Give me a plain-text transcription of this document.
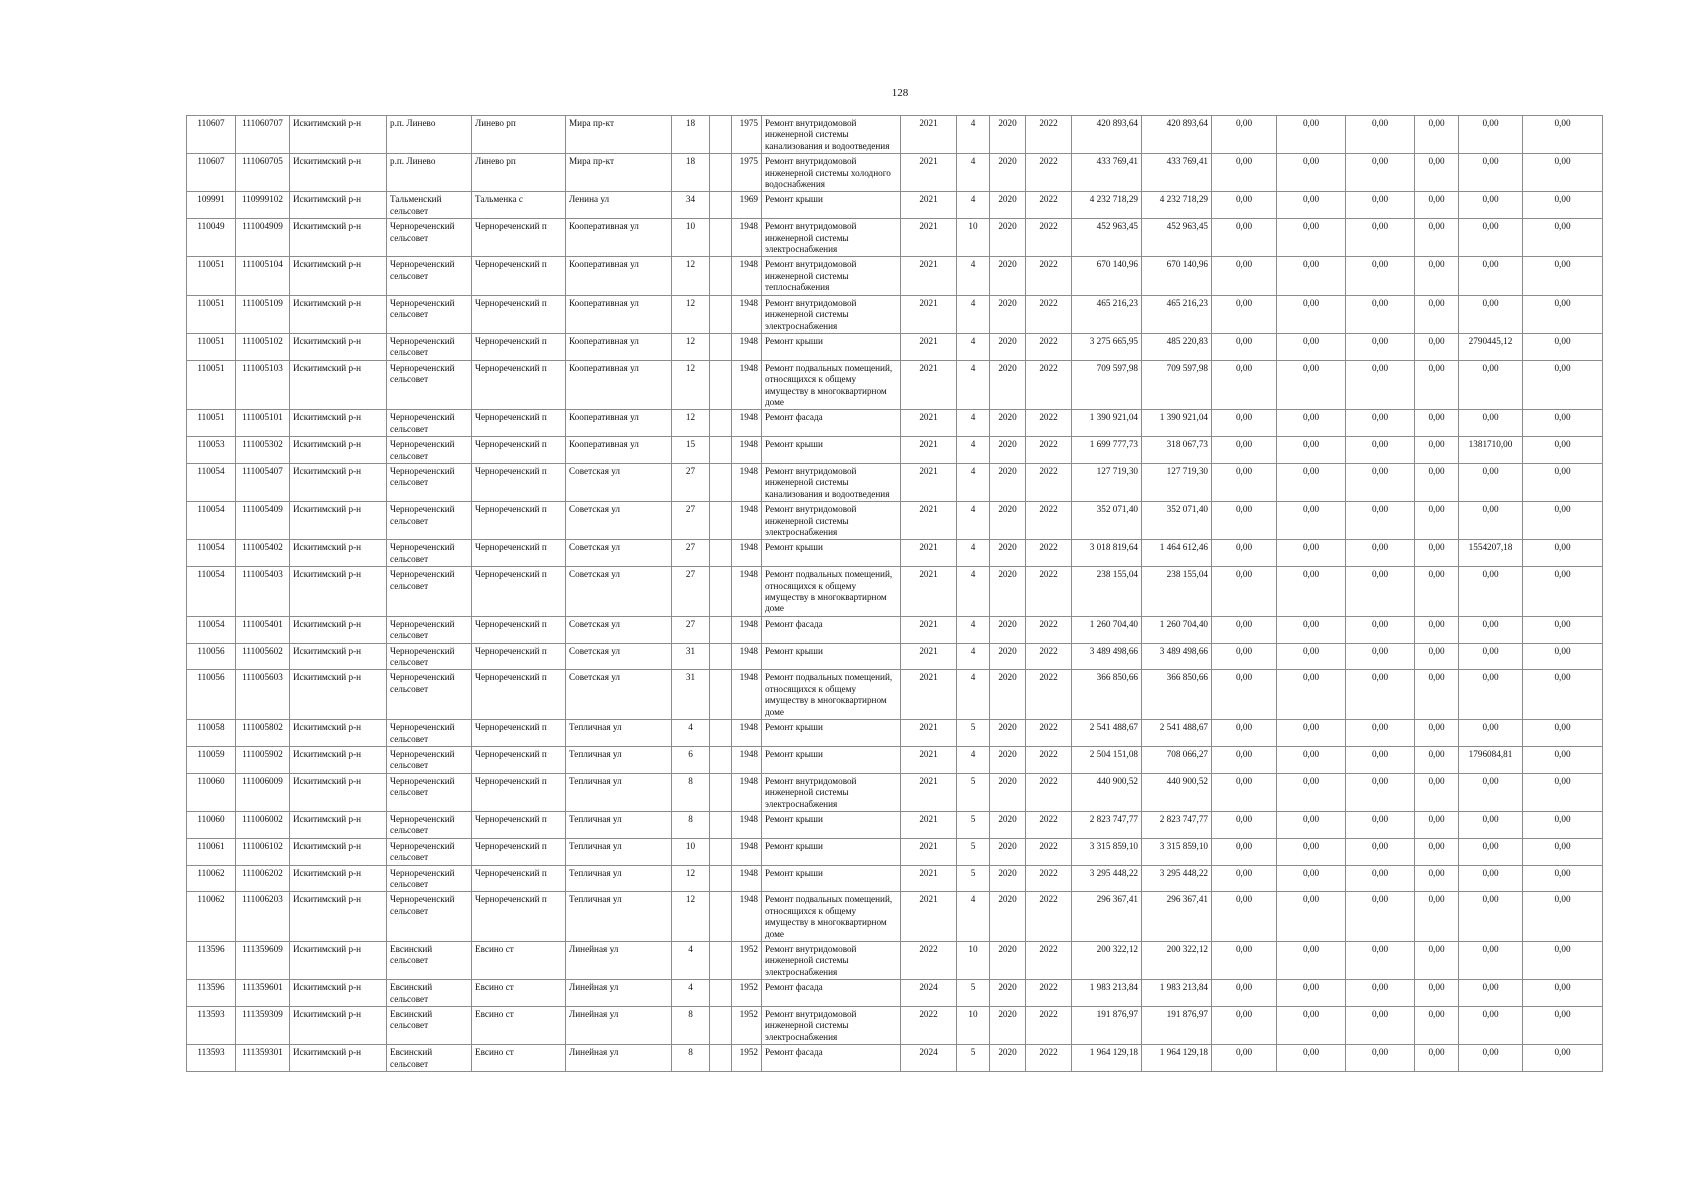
128
110607	111060707	Искитимский р-н	р.п. Линево	Линево рп	Мира пр-кт	18		1975	Ремонт внутридомовой инженерной системы канализования и водоотведения	2021	4	2020	2022	420 893,64	420 893,64	0,00	0,00	0,00	0,00	0,00	0,00
110607	111060705	Искитимский р-н	р.п. Линево	Линево рп	Мира пр-кт	18		1975	Ремонт внутридомовой инженерной системы холодного водоснабжения	2021	4	2020	2022	433 769,41	433 769,41	0,00	0,00	0,00	0,00	0,00	0,00
109991	110999102	Искитимский р-н	Тальменский сельсовет	Тальменка с	Ленина ул	34		1969	Ремонт крыши	2021	4	2020	2022	4 232 718,29	4 232 718,29	0,00	0,00	0,00	0,00	0,00	0,00
110049	111004909	Искитимский р-н	Чернореченский сельсовет	Чернореченский п	Кооперативная ул	10		1948	Ремонт внутридомовой инженерной системы электроснабжения	2021	10	2020	2022	452 963,45	452 963,45	0,00	0,00	0,00	0,00	0,00	0,00
110051	111005104	Искитимский р-н	Чернореченский сельсовет	Чернореченский п	Кооперативная ул	12		1948	Ремонт внутридомовой инженерной системы теплоснабжения	2021	4	2020	2022	670 140,96	670 140,96	0,00	0,00	0,00	0,00	0,00	0,00
110051	111005109	Искитимский р-н	Чернореченский сельсовет	Чернореченский п	Кооперативная ул	12		1948	Ремонт внутридомовой инженерной системы электроснабжения	2021	4	2020	2022	465 216,23	465 216,23	0,00	0,00	0,00	0,00	0,00	0,00
110051	111005102	Искитимский р-н	Чернореченский сельсовет	Чернореченский п	Кооперативная ул	12		1948	Ремонт крыши	2021	4	2020	2022	3 275 665,95	485 220,83	0,00	0,00	0,00	0,00	2790445,12	0,00
110051	111005103	Искитимский р-н	Чернореченский сельсовет	Чернореченский п	Кооперативная ул	12		1948	Ремонт подвальных помещений, относящихся к общему имуществу в многоквартирном доме	2021	4	2020	2022	709 597,98	709 597,98	0,00	0,00	0,00	0,00	0,00	0,00
110051	111005101	Искитимский р-н	Чернореченский сельсовет	Чернореченский п	Кооперативная ул	12		1948	Ремонт фасада	2021	4	2020	2022	1 390 921,04	1 390 921,04	0,00	0,00	0,00	0,00	0,00	0,00
110053	111005302	Искитимский р-н	Чернореченский сельсовет	Чернореченский п	Кооперативная ул	15		1948	Ремонт крыши	2021	4	2020	2022	1 699 777,73	318 067,73	0,00	0,00	0,00	0,00	1381710,00	0,00
110054	111005407	Искитимский р-н	Чернореченский сельсовет	Чернореченский п	Советская ул	27		1948	Ремонт внутридомовой инженерной системы канализования и водоотведения	2021	4	2020	2022	127 719,30	127 719,30	0,00	0,00	0,00	0,00	0,00	0,00
110054	111005409	Искитимский р-н	Чернореченский сельсовет	Чернореченский п	Советская ул	27		1948	Ремонт внутридомовой инженерной системы электроснабжения	2021	4	2020	2022	352 071,40	352 071,40	0,00	0,00	0,00	0,00	0,00	0,00
110054	111005402	Искитимский р-н	Чернореченский сельсовет	Чернореченский п	Советская ул	27		1948	Ремонт крыши	2021	4	2020	2022	3 018 819,64	1 464 612,46	0,00	0,00	0,00	0,00	1554207,18	0,00
110054	111005403	Искитимский р-н	Чернореченский сельсовет	Чернореченский п	Советская ул	27		1948	Ремонт подвальных помещений, относящихся к общему имуществу в многоквартирном доме	2021	4	2020	2022	238 155,04	238 155,04	0,00	0,00	0,00	0,00	0,00	0,00
110054	111005401	Искитимский р-н	Чернореченский сельсовет	Чернореченский п	Советская ул	27		1948	Ремонт фасада	2021	4	2020	2022	1 260 704,40	1 260 704,40	0,00	0,00	0,00	0,00	0,00	0,00
110056	111005602	Искитимский р-н	Чернореченский сельсовет	Чернореченский п	Советская ул	31		1948	Ремонт крыши	2021	4	2020	2022	3 489 498,66	3 489 498,66	0,00	0,00	0,00	0,00	0,00	0,00
110056	111005603	Искитимский р-н	Чернореченский сельсовет	Чернореченский п	Советская ул	31		1948	Ремонт подвальных помещений, относящихся к общему имуществу в многоквартирном доме	2021	4	2020	2022	366 850,66	366 850,66	0,00	0,00	0,00	0,00	0,00	0,00
110058	111005802	Искитимский р-н	Чернореченский сельсовет	Чернореченский п	Тепличная ул	4		1948	Ремонт крыши	2021	5	2020	2022	2 541 488,67	2 541 488,67	0,00	0,00	0,00	0,00	0,00	0,00
110059	111005902	Искитимский р-н	Чернореченский сельсовет	Чернореченский п	Тепличная ул	6		1948	Ремонт крыши	2021	4	2020	2022	2 504 151,08	708 066,27	0,00	0,00	0,00	0,00	1796084,81	0,00
110060	111006009	Искитимский р-н	Чернореченский сельсовет	Чернореченский п	Тепличная ул	8		1948	Ремонт внутридомовой инженерной системы электроснабжения	2021	5	2020	2022	440 900,52	440 900,52	0,00	0,00	0,00	0,00	0,00	0,00
110060	111006002	Искитимский р-н	Чернореченский сельсовет	Чернореченский п	Тепличная ул	8		1948	Ремонт крыши	2021	5	2020	2022	2 823 747,77	2 823 747,77	0,00	0,00	0,00	0,00	0,00	0,00
110061	111006102	Искитимский р-н	Чернореченский сельсовет	Чернореченский п	Тепличная ул	10		1948	Ремонт крыши	2021	5	2020	2022	3 315 859,10	3 315 859,10	0,00	0,00	0,00	0,00	0,00	0,00
110062	111006202	Искитимский р-н	Чернореченский сельсовет	Чернореченский п	Тепличная ул	12		1948	Ремонт крыши	2021	5	2020	2022	3 295 448,22	3 295 448,22	0,00	0,00	0,00	0,00	0,00	0,00
110062	111006203	Искитимский р-н	Чернореченский сельсовет	Чернореченский п	Тепличная ул	12		1948	Ремонт подвальных помещений, относящихся к общему имуществу в многоквартирном доме	2021	4	2020	2022	296 367,41	296 367,41	0,00	0,00	0,00	0,00	0,00	0,00
113596	111359609	Искитимский р-н	Евсинский сельсовет	Евсино ст	Линейная ул	4		1952	Ремонт внутридомовой инженерной системы электроснабжения	2022	10	2020	2022	200 322,12	200 322,12	0,00	0,00	0,00	0,00	0,00	0,00
113596	111359601	Искитимский р-н	Евсинский сельсовет	Евсино ст	Линейная ул	4		1952	Ремонт фасада	2024	5	2020	2022	1 983 213,84	1 983 213,84	0,00	0,00	0,00	0,00	0,00	0,00
113593	111359309	Искитимский р-н	Евсинский сельсовет	Евсино ст	Линейная ул	8		1952	Ремонт внутридомовой инженерной системы электроснабжения	2022	10	2020	2022	191 876,97	191 876,97	0,00	0,00	0,00	0,00	0,00	0,00
113593	111359301	Искитимский р-н	Евсинский сельсовет	Евсино ст	Линейная ул	8		1952	Ремонт фасада	2024	5	2020	2022	1 964 129,18	1 964 129,18	0,00	0,00	0,00	0,00	0,00	0,00
